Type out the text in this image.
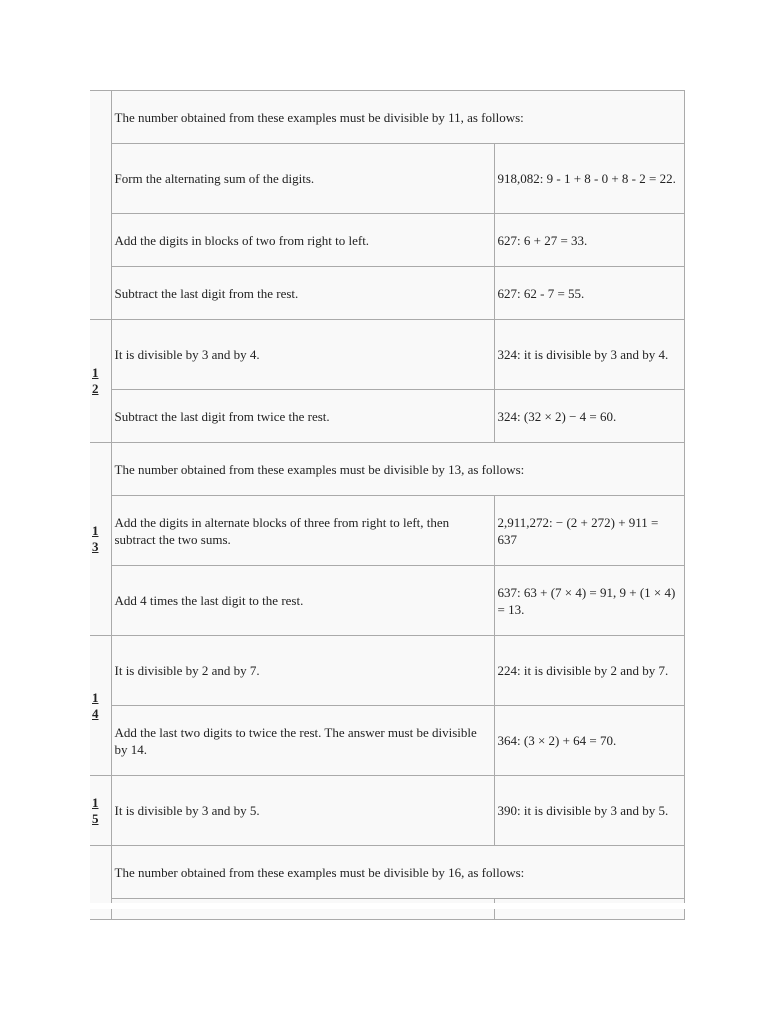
	The number obtained from these examples must be divisible by 11, as follows:	
	Form the alternating sum of the digits.	918,082: 9 - 1 + 8 - 0 + 8 - 2 = 22.
	Add the digits in blocks of two from right to left.	627: 6 + 27 = 33.
	Subtract the last digit from the rest.	627: 62 - 7 = 55.

$\frac{1}{2}$	It is divisible by 3 and by 4.	324: it is divisible by 3 and by 4.
	Subtract the last digit from twice the rest.	324: (32 × 2) − 4 = 60.

$\frac{1}{3}$	The number obtained from these examples must be divisible by 13, as follows:	
	Add the digits in alternate blocks of three from right to left, then subtract the two sums.	2,911,272: − (2 + 272) + 911 = 637
	Add 4 times the last digit to the rest.	637: 63 + (7 × 4) = 91, 9 + (1 × 4) = 13.

$\frac{1}{4}$	It is divisible by 2 and by 7.	224: it is divisible by 2 and by 7.
	Add the last two digits to twice the rest. The answer must be divisible by 14.	364: (3 × 2) + 64 = 70.

$\frac{1}{5}$	It is divisible by 3 and by 5.	390: it is divisible by 3 and by 5.
	The number obtained from these examples must be divisible by 16, as follows:	
